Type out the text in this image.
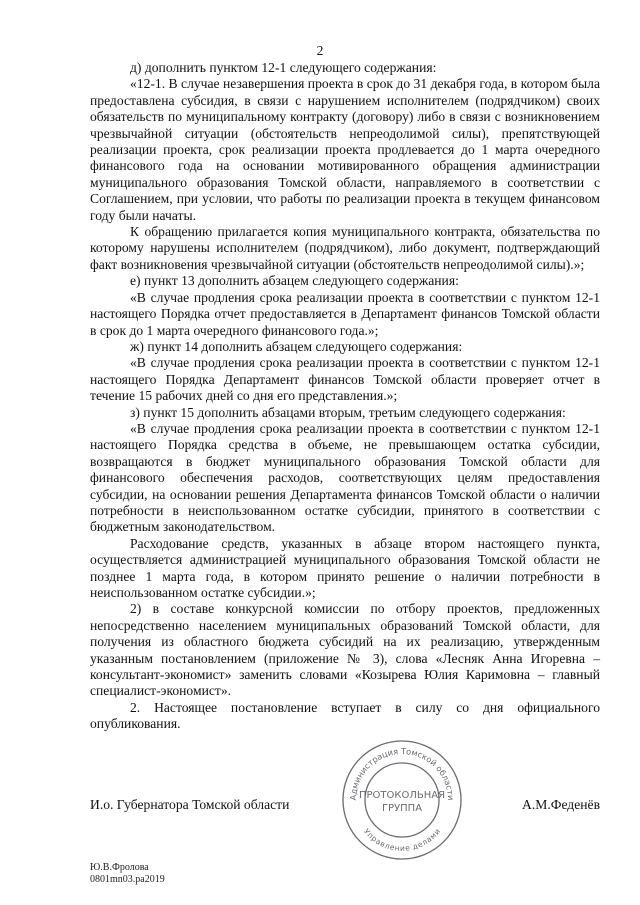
2

д) дополнить пунктом 12-1 следующего содержания:

«12-1. В случае незавершения проекта в срок до 31 декабря года, в котором была предоставлена субсидия, в связи с нарушением исполнителем (подрядчиком) своих обязательств по муниципальному контракту (договору) либо в связи с возникновением чрезвычайной ситуации (обстоятельств непреодолимой силы), препятствующей реализации проекта, срок реализации проекта продлевается до 1 марта очередного финансового года на основании мотивированного обращения администрации муниципального образования Томской области, направляемого в соответствии с Соглашением, при условии, что работы по реализации проекта в текущем финансовом году были начаты.

К обращению прилагается копия муниципального контракта, обязательства по которому нарушены исполнителем (подрядчиком), либо документ, подтверждающий факт возникновения чрезвычайной ситуации (обстоятельств непреодолимой силы).»;

е) пункт 13 дополнить абзацем следующего содержания:

«В случае продления срока реализации проекта в соответствии с пунктом 12-1 настоящего Порядка отчет предоставляется в Департамент финансов Томской области в срок до 1 марта очередного финансового года.»;

ж) пункт 14 дополнить абзацем следующего содержания:

«В случае продления срока реализации проекта в соответствии с пунктом 12-1 настоящего Порядка Департамент финансов Томской области проверяет отчет в течение 15 рабочих дней со дня его представления.»;

з) пункт 15 дополнить абзацами вторым, третьим следующего содержания:

«В случае продления срока реализации проекта в соответствии с пунктом 12-1 настоящего Порядка средства в объеме, не превышающем остатка субсидии, возвращаются в бюджет муниципального образования Томской области для финансового обеспечения расходов, соответствующих целям предоставления субсидии, на основании решения Департамента финансов Томской области о наличии потребности в неиспользованном остатке субсидии, принятого в соответствии с бюджетным законодательством.

Расходование средств, указанных в абзаце втором настоящего пункта, осуществляется администрацией муниципального образования Томской области не позднее 1 марта года, в котором принято решение о наличии потребности в неиспользованном остатке субсидии.»;

2) в составе конкурсной комиссии по отбору проектов, предложенных непосредственно населением муниципальных образований Томской области, для получения из областного бюджета субсидий на их реализацию, утвержденным указанным постановлением (приложение № 3), слова «Лесняк Анна Игоревна – консультант-экономист» заменить словами «Козырева Юлия Каримовна – главный специалист-экономист».

2. Настоящее постановление вступает в силу со дня официального опубликования.

И.о. Губернатора Томской области	А.М.Феденёв
Ю.В.Фролова
0801mn03.ра2019
Администрация Томской области
ПРОТОКОЛЬНАЯ
ГРУППА
Управление делами
